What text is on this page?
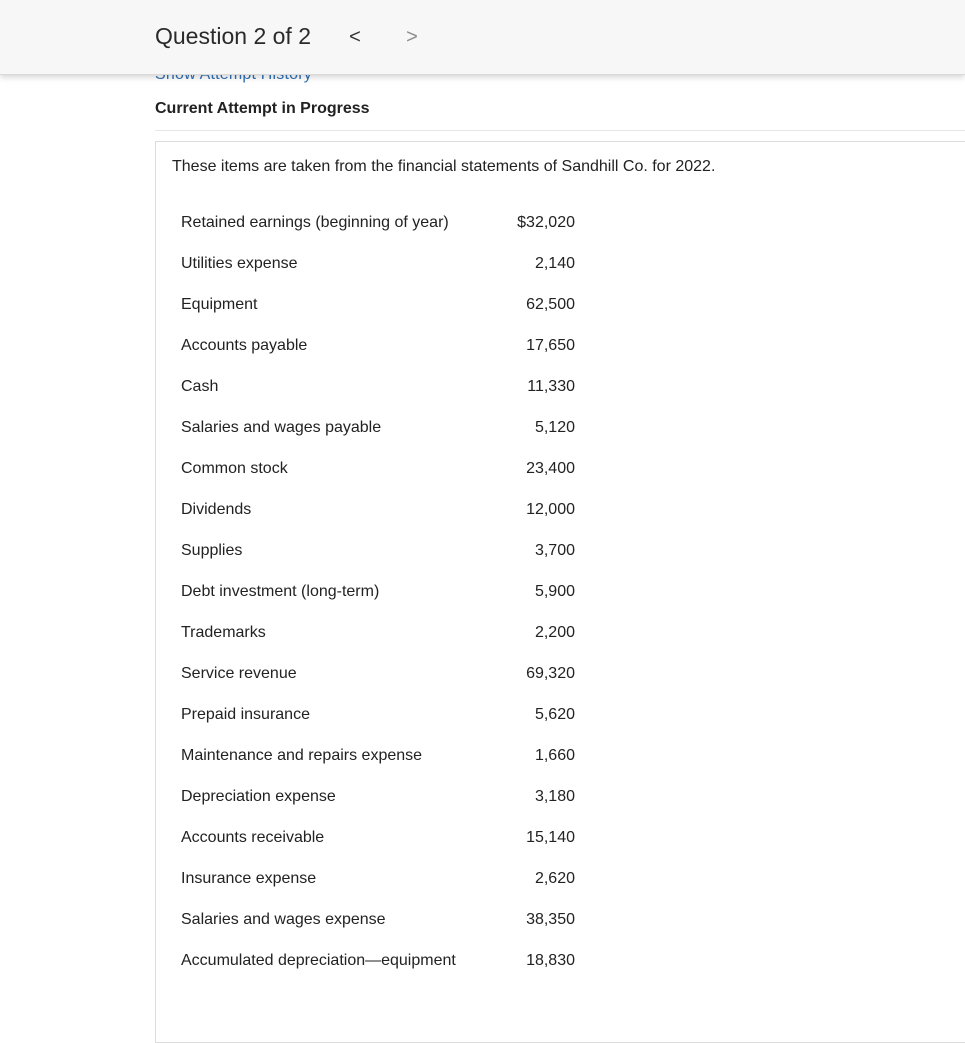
Question 2 of 2 < >
Current Attempt in Progress
These items are taken from the financial statements of Sandhill Co. for 2022.
Retained earnings (beginning of year)	$32,020
Utilities expense	2,140
Equipment	62,500
Accounts payable	17,650
Cash	11,330
Salaries and wages payable	5,120
Common stock	23,400
Dividends	12,000
Supplies	3,700
Debt investment (long-term)	5,900
Trademarks	2,200
Service revenue	69,320
Prepaid insurance	5,620
Maintenance and repairs expense	1,660
Depreciation expense	3,180
Accounts receivable	15,140
Insurance expense	2,620
Salaries and wages expense	38,350
Accumulated depreciation—equipment	18,830
